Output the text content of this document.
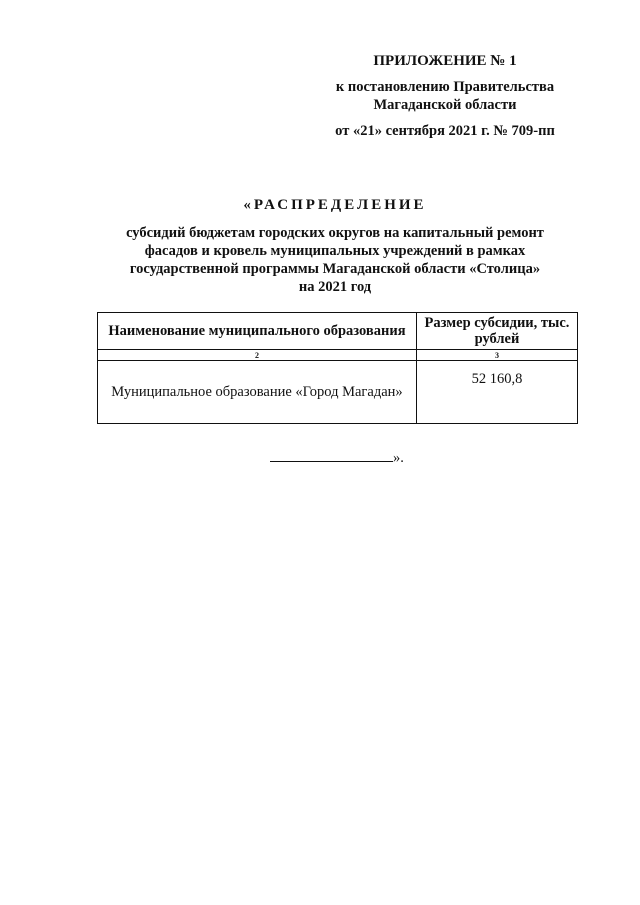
ПРИЛОЖЕНИЕ № 1
к постановлению Правительства
Магаданской области
от «21» сентября 2021 г. № 709-пп
«РАСПРЕДЕЛЕНИЕ
субсидий бюджетам городских округов на капитальный ремонт
фасадов и кровель муниципальных учреждений в рамках
государственной программы Магаданской области «Столица»
на 2021 год
Наименование муниципального образования	Размер субсидии, тыс. рублей
2	3
Муниципальное образование «Город Магадан»	52 160,8
».
